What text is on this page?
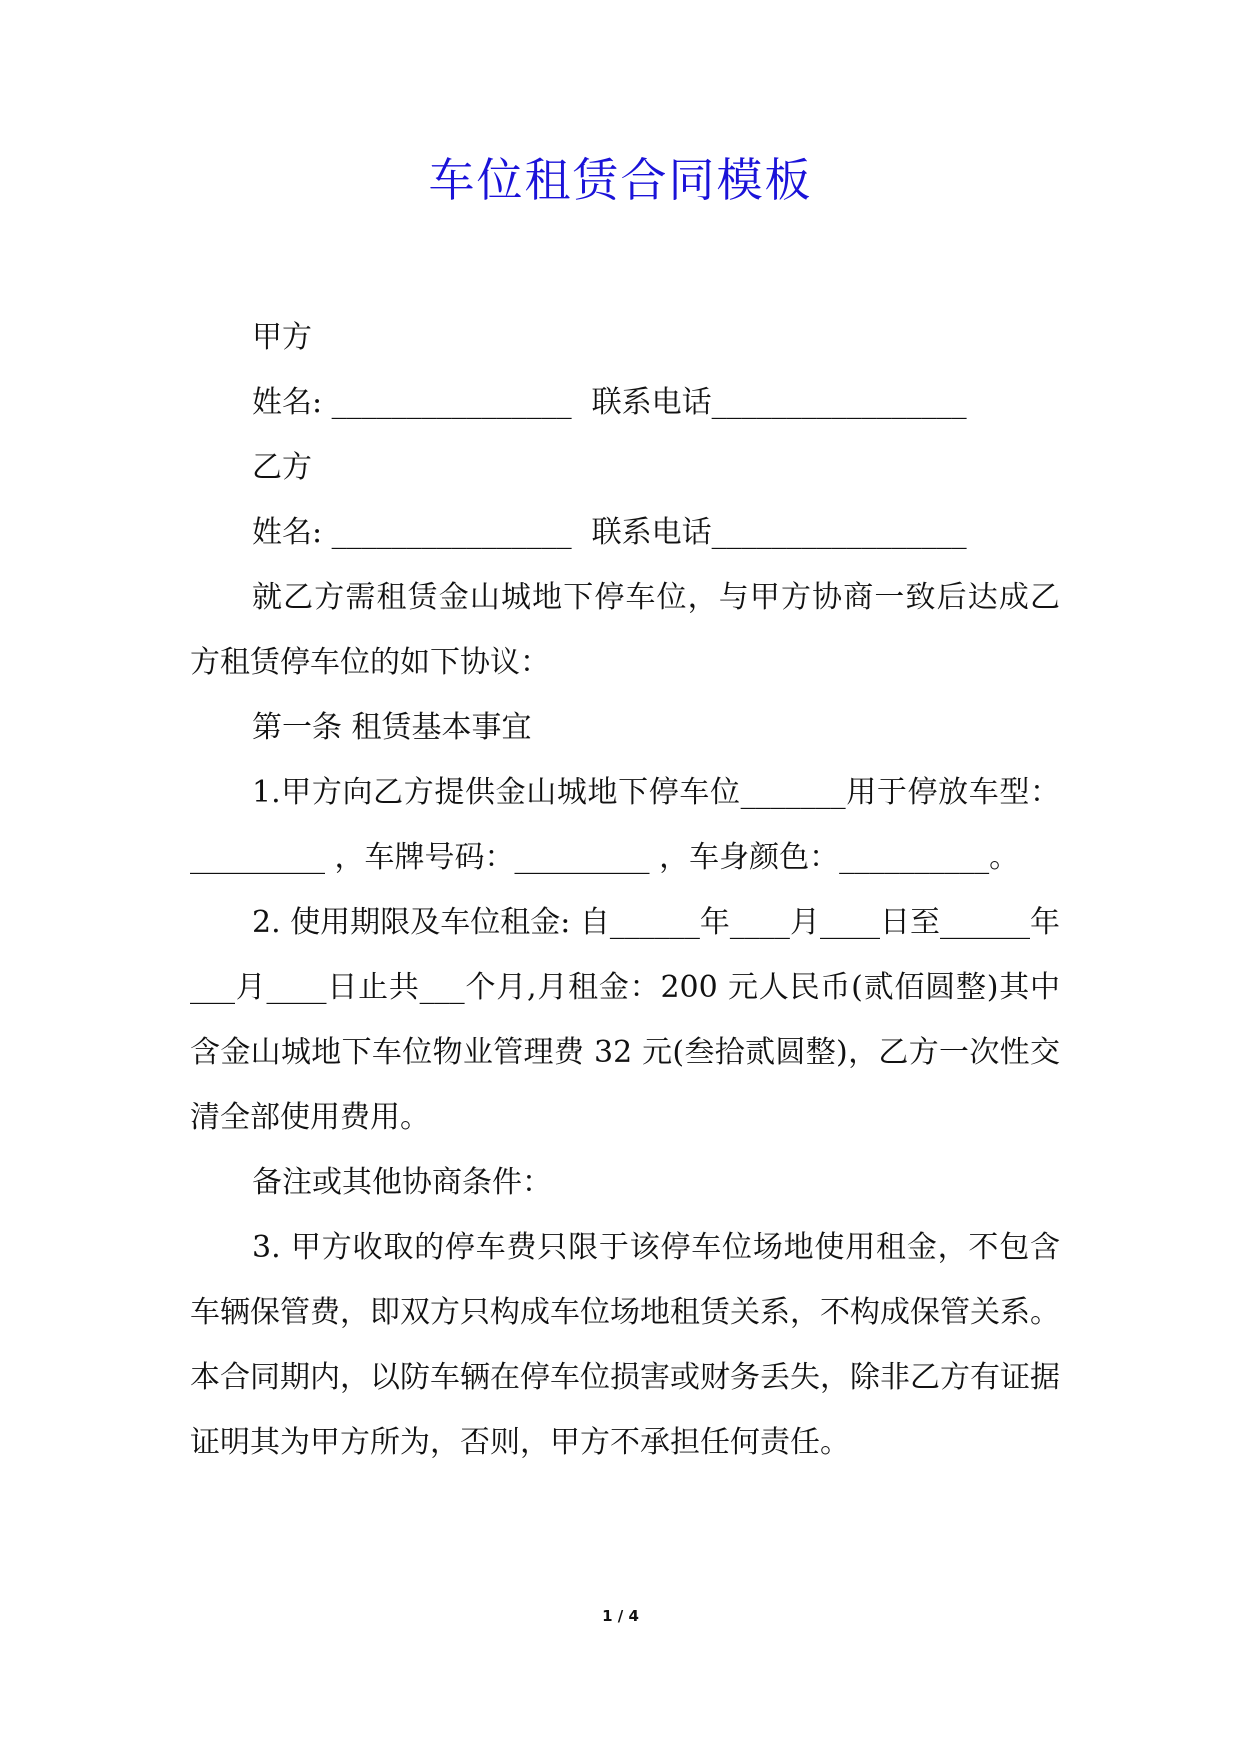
车位租赁合同模板

甲方

姓名: ________________ 联系电话_________________

乙方

姓名: ________________ 联系电话_________________

就乙方需租赁金山城地下停车位，与甲方协商一致后达成乙方租赁停车位的如下协议：

第一条 租赁基本事宜

1.甲方向乙方提供金山城地下停车位_______用于停放车型：_________ ，车牌号码：_________ ，车身颜色：__________。

2. 使用期限及车位租金: 自______年____月____日至______年___月____日止共___个月,月租金：200 元人民币(贰佰圆整)其中含金山城地下车位物业管理费 32 元(叁拾贰圆整)，乙方一次性交清全部使用费用。

备注或其他协商条件：

3. 甲方收取的停车费只限于该停车位场地使用租金，不包含车辆保管费，即双方只构成车位场地租赁关系，不构成保管关系。本合同期内，以防车辆在停车位损害或财务丢失，除非乙方有证据证明其为甲方所为，否则，甲方不承担任何责任。

1 / 4
